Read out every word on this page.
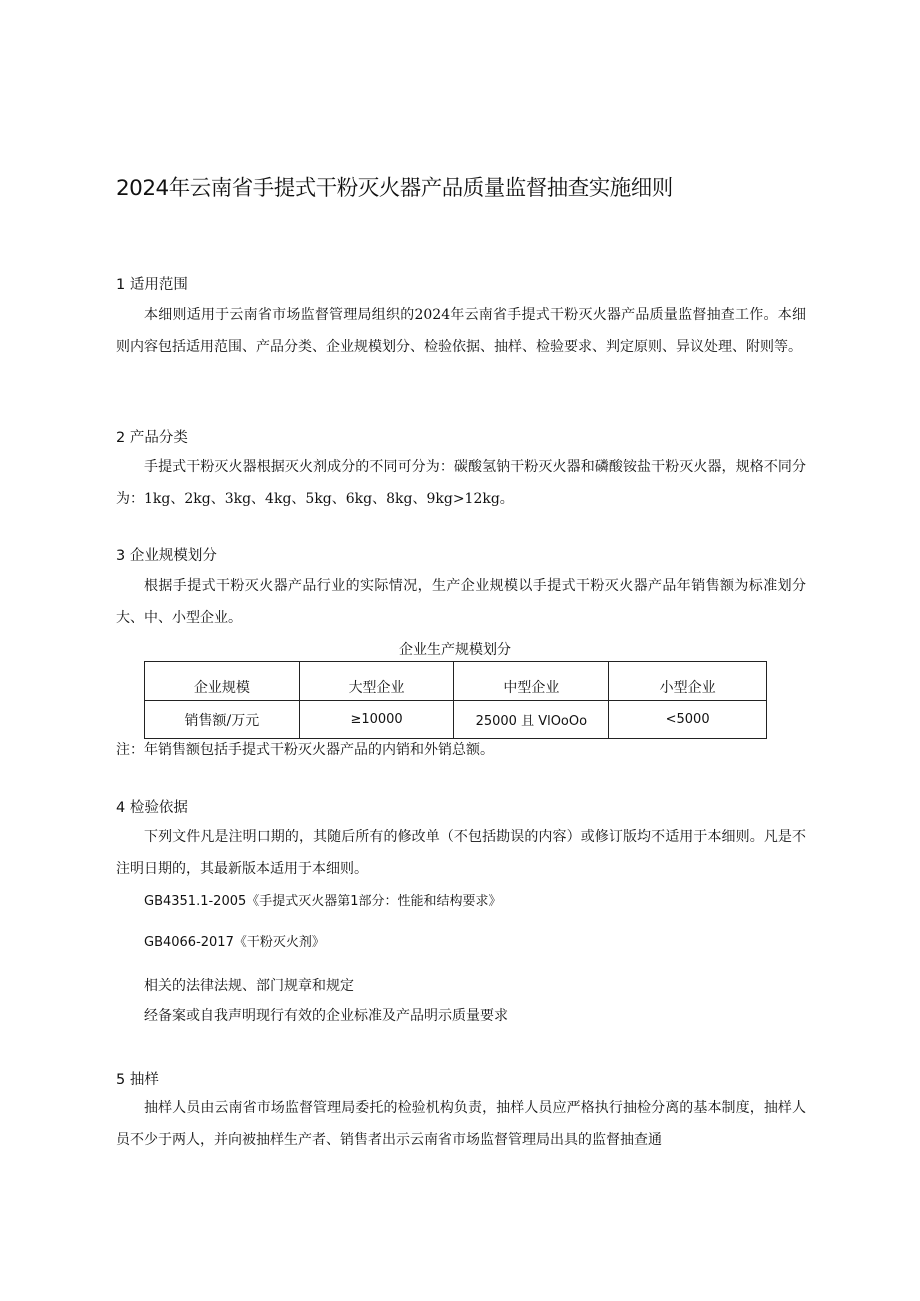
2024年云南省手提式干粉灭火器产品质量监督抽查实施细则
1 适用范围
本细则适用于云南省市场监督管理局组织的2024年云南省手提式干粉灭火器产品质量监督抽查工作。本细则内容包括适用范围、产品分类、企业规模划分、检验依据、抽样、检验要求、判定原则、异议处理、附则等。
2 产品分类
手提式干粉灭火器根据灭火剂成分的不同可分为：碳酸氢钠干粉灭火器和磷酸铵盐干粉灭火器，规格不同分为：1kg、2kg、3kg、4kg、5kg、6kg、8kg、9kg>12kg。
3 企业规模划分
根据手提式干粉灭火器产品行业的实际情况，生产企业规模以手提式干粉灭火器产品年销售额为标准划分大、中、小型企业。
企业生产规模划分
企业规模	大型企业	中型企业	小型企业
销售额/万元	≥10000	25000 且 VlOoOo	<5000
注：年销售额包括手提式干粉灭火器产品的内销和外销总额。
4 检验依据
下列文件凡是注明口期的，其随后所有的修改单（不包括勘误的内容）或修订版均不适用于本细则。凡是不注明日期的，其最新版本适用于本细则。
GB4351.1-2005《手提式灭火器第1部分：性能和结构要求》
GB4066-2017《干粉灭火剂》
相关的法律法规、部门规章和规定
经备案或自我声明现行有效的企业标准及产品明示质量要求
5 抽样
抽样人员由云南省市场监督管理局委托的检验机构负责，抽样人员应严格执行抽检分离的基本制度，抽样人员不少于两人，并向被抽样生产者、销售者出示云南省市场监督管理局出具的监督抽查通
